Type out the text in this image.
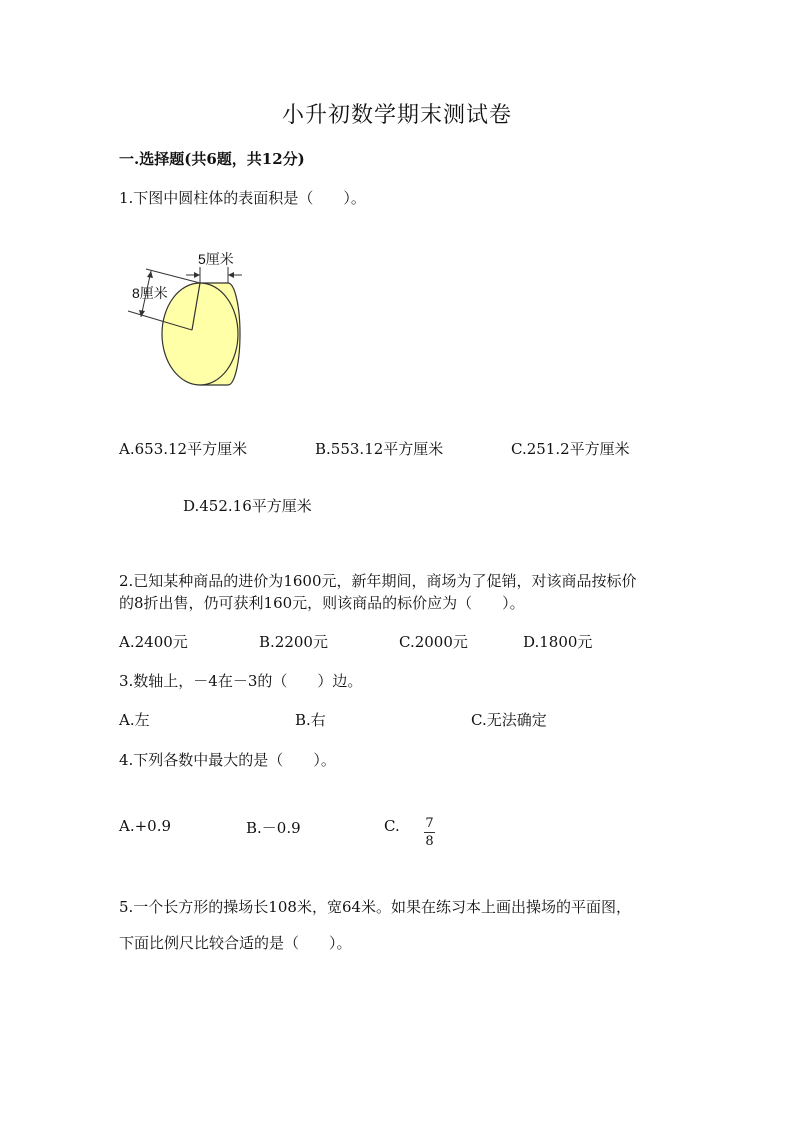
小升初数学期末测试卷
一.选择题(共6题，共12分)
1.下图中圆柱体的表面积是（　　）。
5厘米
8厘米
A.653.12平方厘米	B.553.12平方厘米	C.251.2平方厘米
D.452.16平方厘米
2.已知某种商品的进价为1600元，新年期间，商场为了促销，对该商品按标价
的8折出售，仍可获利160元，则该商品的标价应为（　　）。
A.2400元	B.2200元	C.2000元	D.1800元
3.数轴上，－4在－3的（　　）边。
A.左	B.右	C.无法确定
4.下列各数中最大的是（　　）。
A.+0.9	B.－0.9	C. $\frac{7}{8}$
5.一个长方形的操场长108米，宽64米。如果在练习本上画出操场的平面图，
下面比例尺比较合适的是（　　）。
